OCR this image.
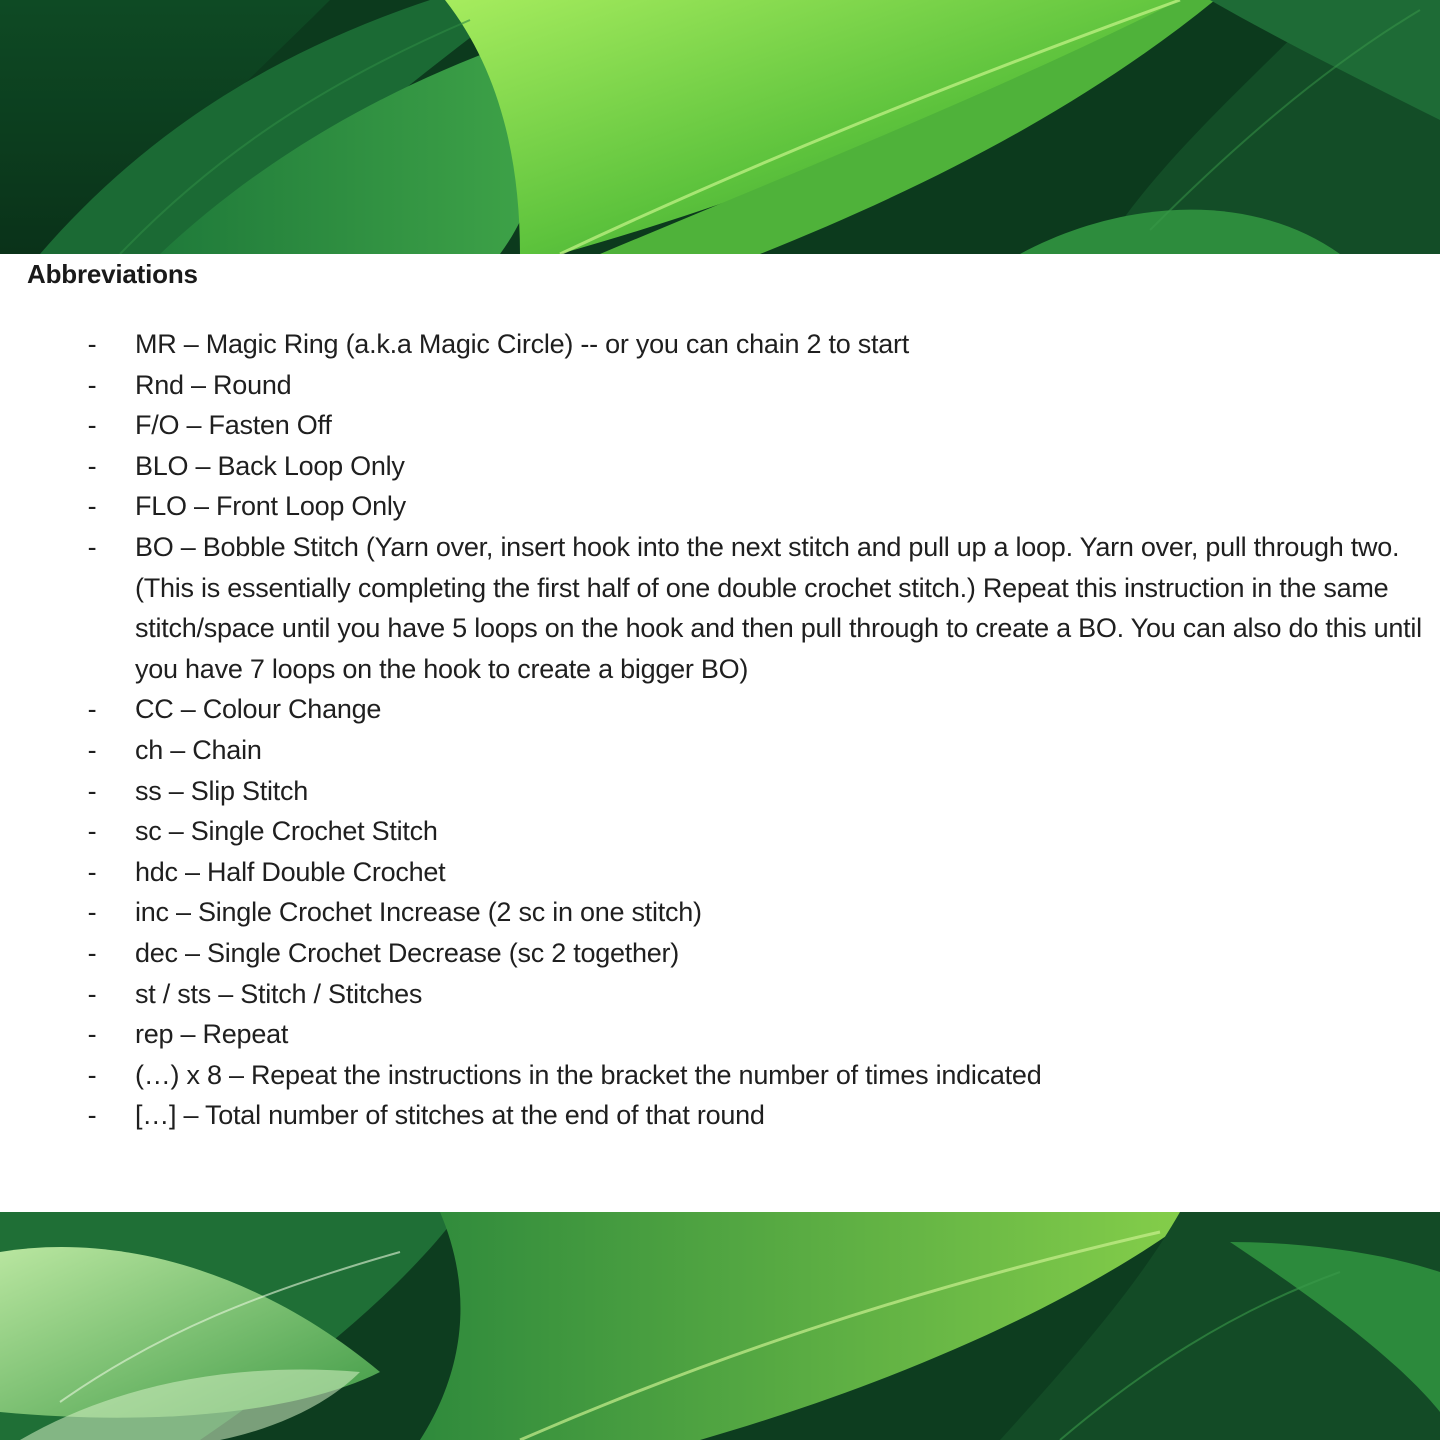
Abbreviations
- MR – Magic Ring (a.k.a Magic Circle) -- or you can chain 2 to start
- Rnd – Round
- F/O – Fasten Off
- BLO – Back Loop Only
- FLO – Front Loop Only
- BO – Bobble Stitch (Yarn over, insert hook into the next stitch and pull up a loop. Yarn over, pull through two. (This is essentially completing the first half of one double crochet stitch.) Repeat this instruction in the same stitch/space until you have 5 loops on the hook and then pull through to create a BO. You can also do this until you have 7 loops on the hook to create a bigger BO)
- CC – Colour Change
- ch – Chain
- ss – Slip Stitch
- sc – Single Crochet Stitch
- hdc – Half Double Crochet
- inc – Single Crochet Increase (2 sc in one stitch)
- dec – Single Crochet Decrease (sc 2 together)
- st / sts – Stitch / Stitches
- rep – Repeat
- (…) x 8 – Repeat the instructions in the bracket the number of times indicated
- […] – Total number of stitches at the end of that round
